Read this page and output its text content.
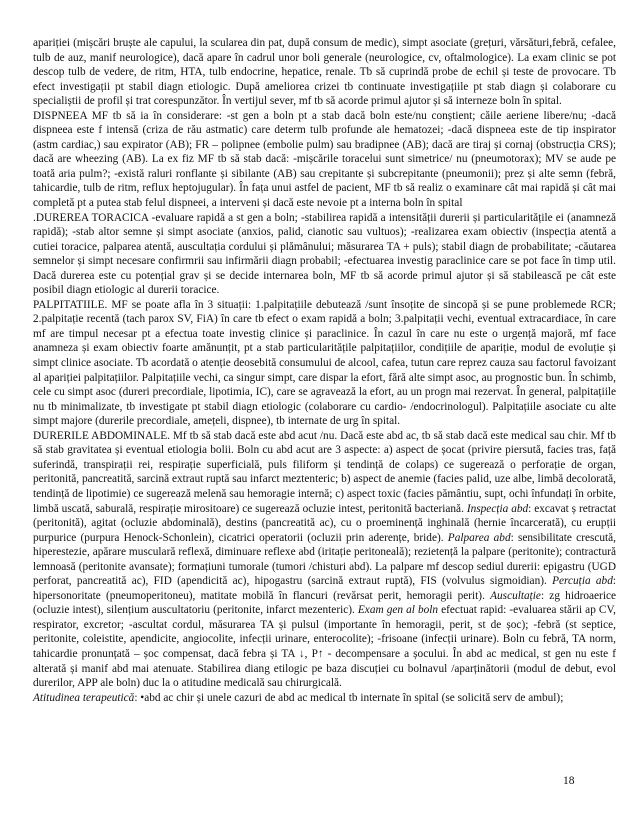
apariției (mișcări bruște ale capului, la scularea din pat, după consum de medic), simpt asociate (grețuri, vărsături,febră, cefalee, tulb de auz, manif neurologice), dacă apare în cadrul unor boli generale (neurologice, cv, oftalmologice). La exam clinic se pot descop tulb de vedere, de ritm, HTA, tulb endocrine, hepatice, renale. Tb să cuprindă probe de echil și teste de provocare. Tb efect investigații pt stabil diagn etiologic. După ameliorea crizei tb continuate investigațiile pt stab diagn și colaborare cu specialiștii de profil și trat corespunzător. În vertijul sever, mf tb să acorde primul ajutor și să interneze boln în spital.

DISPNEEA MF tb să ia în considerare: -st gen a boln pt a stab dacă boln este/nu conștient; căile aeriene libere/nu; -dacă dispneea este f intensă (criza de rău astmatic) care determ tulb profunde ale hematozei; -dacă dispneea este de tip inspirator (astm cardiac,) sau expirator (AB); FR – polipnee (embolie pulm) sau bradipnee (AB); dacă are tiraj și cornaj (obstrucția CRS); dacă are wheezing (AB). La ex fiz MF tb să stab dacă: -mișcările toracelui sunt simetrice/ nu (pneumotorax); MV se aude pe toată aria pulm?; -există raluri ronflante și sibilante (AB) sau crepitante și subcrepitante (pneumonii); prez și alte semn (febră, tahicardie, tulb de ritm, reflux heptojugular). În fața unui astfel de pacient, MF tb să realiz o examinare cât mai rapidă și cât mai completă pt a putea stab felul dispneei, a interveni și dacă este nevoie pt a interna boln în spital

.DUREREA TORACICA -evaluare rapidă a st gen a boln; -stabilirea rapidă a intensității durerii și particularitățile ei (anamneză rapidă); -stab altor semne și simpt asociate (anxios, palid, cianotic sau vultuos); -realizarea exam obiectiv (inspecția atentă a cutiei toracice, palparea atentă, auscultația cordului și plămânului; măsurarea TA + puls); stabil diagn de probabilitate; -căutarea semnelor și simpt necesare confirmrii sau infirmării diagn probabil; -efectuarea investig paraclinice care se pot face în timp util. Dacă durerea este cu potențial grav și se decide internarea boln, MF tb să acorde primul ajutor și să stabilească pe cât este posibil diagn etiologic al durerii toracice.

PALPITATIILE. MF se poate afla în 3 situații: 1.palpitațiile debutează /sunt însoțite de sincopă și se pune problemede RCR; 2.palpitație recentă (tach parox SV, FiA) în care tb efect o exam rapidă a boln; 3.palpitații vechi, eventual extracardiace, în care mf are timpul necesar pt a efectua toate investig clinice și paraclinice. În cazul în care nu este o urgență majoră, mf face anamneza și exam obiectiv foarte amănunțit, pt a stab particularitățile palpitațiilor, condițiile de apariție, modul de evoluție și simpt clinice asociate. Tb acordată o atenție deosebită consumului de alcool, cafea, tutun care reprez cauza sau factorul favoizant al apariției palpitațiilor. Palpitațiile vechi, ca singur simpt, care dispar la efort, fără alte simpt asoc, au prognostic bun. În schimb, cele cu simpt asoc (dureri precordiale, lipotimia, IC), care se agravează la efort, au un progn mai rezervat. În general, palpitațiile nu tb minimalizate, tb investigate pt stabil diagn etiologic (colaborare cu cardio- /endocrinologul). Palpitațiile asociate cu alte simpt majore (durerile precordiale, amețeli, dispnee), tb internate de urg în spital.

DURERILE ABDOMINALE. Mf tb să stab dacă este abd acut /nu. Dacă este abd ac, tb să stab dacă este medical sau chir. Mf tb să stab gravitatea și eventual etiologia bolii. Boln cu abd acut are 3 aspecte: a) aspect de șocat (privire piersută, facies tras, față suferindă, transpirații rei, respirație superficială, puls filiform și tendință de colaps) ce sugerează o perforație de organ, peritonită, pancreatită, sarcină extraut ruptă sau infarct meztenteric; b) aspect de anemie (facies palid, uze albe, limbă decolorată, tendință de lipotimie) ce sugerează melenă sau hemoragie internă; c) aspect toxic (facies pământiu, supt, ochi înfundați în orbite, limbă uscată, saburală, respirație mirositoare) ce sugerează ocluzie intest, peritonită bacteriană. Inspecția abd: excavat ș retractat (peritonită), agitat (ocluzie abdominală), destins (pancreatită ac), cu o proeminență inghinală (hernie încarcerată), cu erupții purpurice (purpura Henock-Schonlein), cicatrici operatorii (ocluzii prin aderențe, bride). Palparea abd: sensibilitate crescută, hiperestezie, apărare musculară reflexă, diminuare reflexe abd (iritație peritoneală); rezietență la palpare (peritonite); contractură lemnoasă (peritonite avansate); formațiuni tumorale (tumori /chisturi abd). La palpare mf descop sediul durerii: epigastru (UGD perforat, pancreatită ac), FID (apendicită ac), hipogastru (sarcină extraut ruptă), FIS (volvulus sigmoidian). Percuția abd: hipersonoritate (pneumoperitoneu), matitate mobilă în flancuri (revărsat perit, hemoragii perit). Auscultație: zg hidroaerice (ocluzie intest), silențium auscultatoriu (peritonite, infarct mezenteric). Exam gen al boln efectuat rapid: -evaluarea stării ap CV, respirator, excretor; -ascultat cordul, măsurarea TA și pulsul (importante în hemoragii, perit, st de șoc); -febră (st septice, peritonite, coleistite, apendicite, angiocolite, infecții urinare, enterocolite); -frisoane (infecții urinare). Boln cu febră, TA norm, tahicardie pronunțată – șoc compensat, dacă febra și TA ↓, P↑ - decompensare a șocului. În abd ac medical, st gen nu este f alterată și manif abd mai atenuate. Stabilirea diang etilogic pe baza discuției cu bolnavul /aparținătorii (modul de debut, evol durerilor, APP ale boln) duc la o atitudine medicală sau chirurgicală.

Atitudinea terapeutică: •abd ac chir și unele cazuri de abd ac medical tb internate în spital (se solicită serv de ambul);

18
